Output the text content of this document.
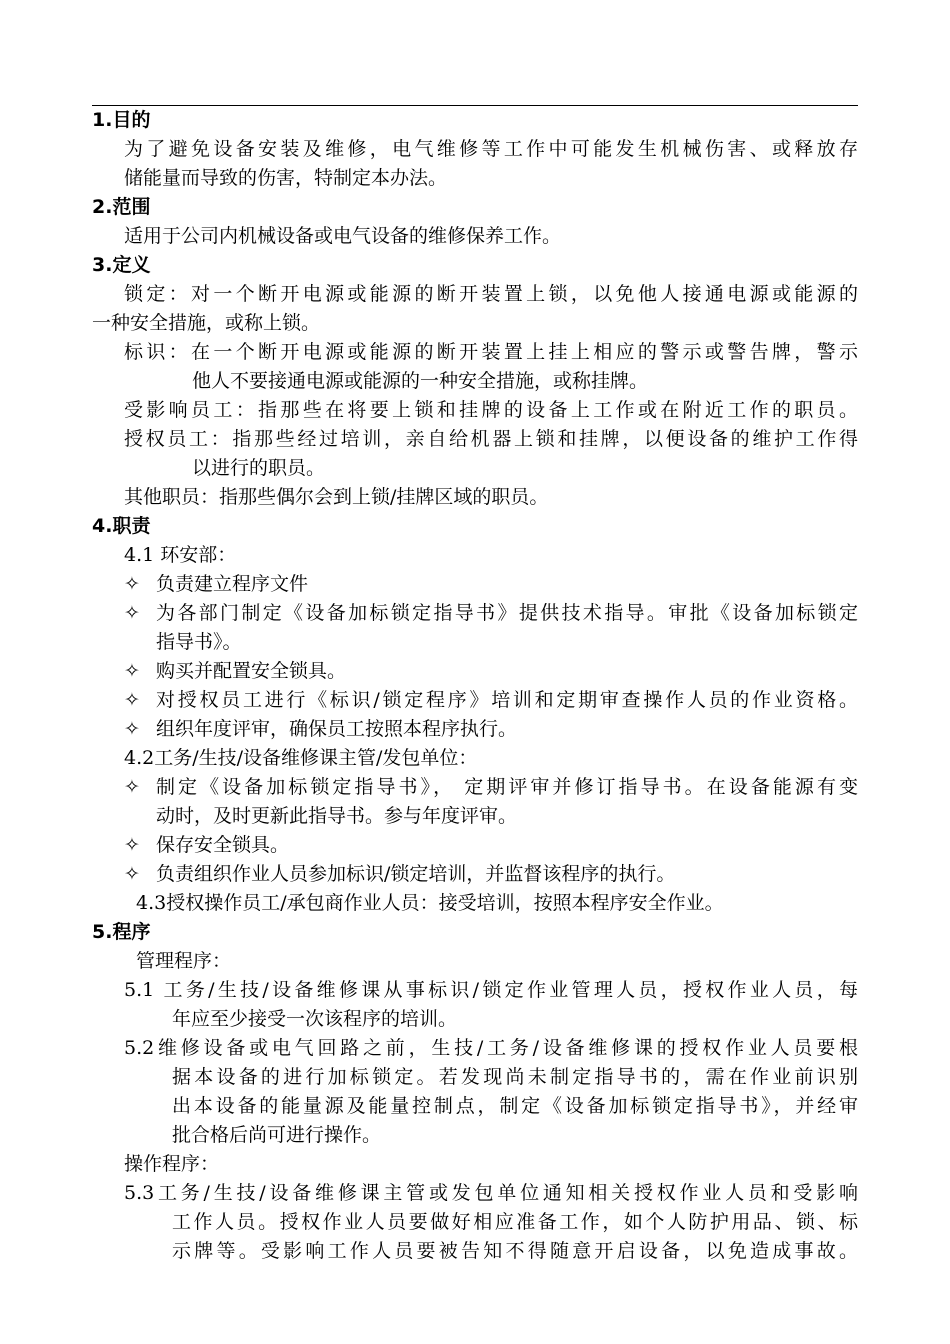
1.目的
为了避免设备安装及维修，电气维修等工作中可能发生机械伤害、或释放存
储能量而导致的伤害，特制定本办法。
2.范围
适用于公司内机械设备或电气设备的维修保养工作。
3.定义
锁定：对一个断开电源或能源的断开装置上锁，以免他人接通电源或能源的
一种安全措施，或称上锁。
标识：在一个断开电源或能源的断开装置上挂上相应的警示或警告牌，警示
他人不要接通电源或能源的一种安全措施，或称挂牌。
受影响员工：指那些在将要上锁和挂牌的设备上工作或在附近工作的职员。
授权员工：指那些经过培训，亲自给机器上锁和挂牌，以便设备的维护工作得
以进行的职员。
其他职员：指那些偶尔会到上锁/挂牌区域的职员。
4.职责
4.1 环安部：
✧ 负责建立程序文件
✧ 为各部门制定《设备加标锁定指导书》提供技术指导。审批《设备加标锁定
指导书》。
✧ 购买并配置安全锁具。
✧ 对授权员工进行《标识/锁定程序》培训和定期审查操作人员的作业资格。
✧ 组织年度评审，确保员工按照本程序执行。
4.2工务/生技/设备维修课主管/发包单位：
✧ 制定《设备加标锁定指导书》， 定期评审并修订指导书。在设备能源有变
动时，及时更新此指导书。参与年度评审。
✧ 保存安全锁具。
✧ 负责组织作业人员参加标识/锁定培训，并监督该程序的执行。
4.3授权操作员工/承包商作业人员：接受培训，按照本程序安全作业。
5.程序
管理程序：
5.1 工务/生技/设备维修课从事标识/锁定作业管理人员，授权作业人员，每
年应至少接受一次该程序的培训。
5.2维修设备或电气回路之前，生技/工务/设备维修课的授权作业人员要根
据本设备的进行加标锁定。若发现尚未制定指导书的，需在作业前识别
出本设备的能量源及能量控制点，制定《设备加标锁定指导书》，并经审
批合格后尚可进行操作。
操作程序：
5.3工务/生技/设备维修课主管或发包单位通知相关授权作业人员和受影响
工作人员。授权作业人员要做好相应准备工作，如个人防护用品、锁、标
示牌等。受影响工作人员要被告知不得随意开启设备，以免造成事故。
